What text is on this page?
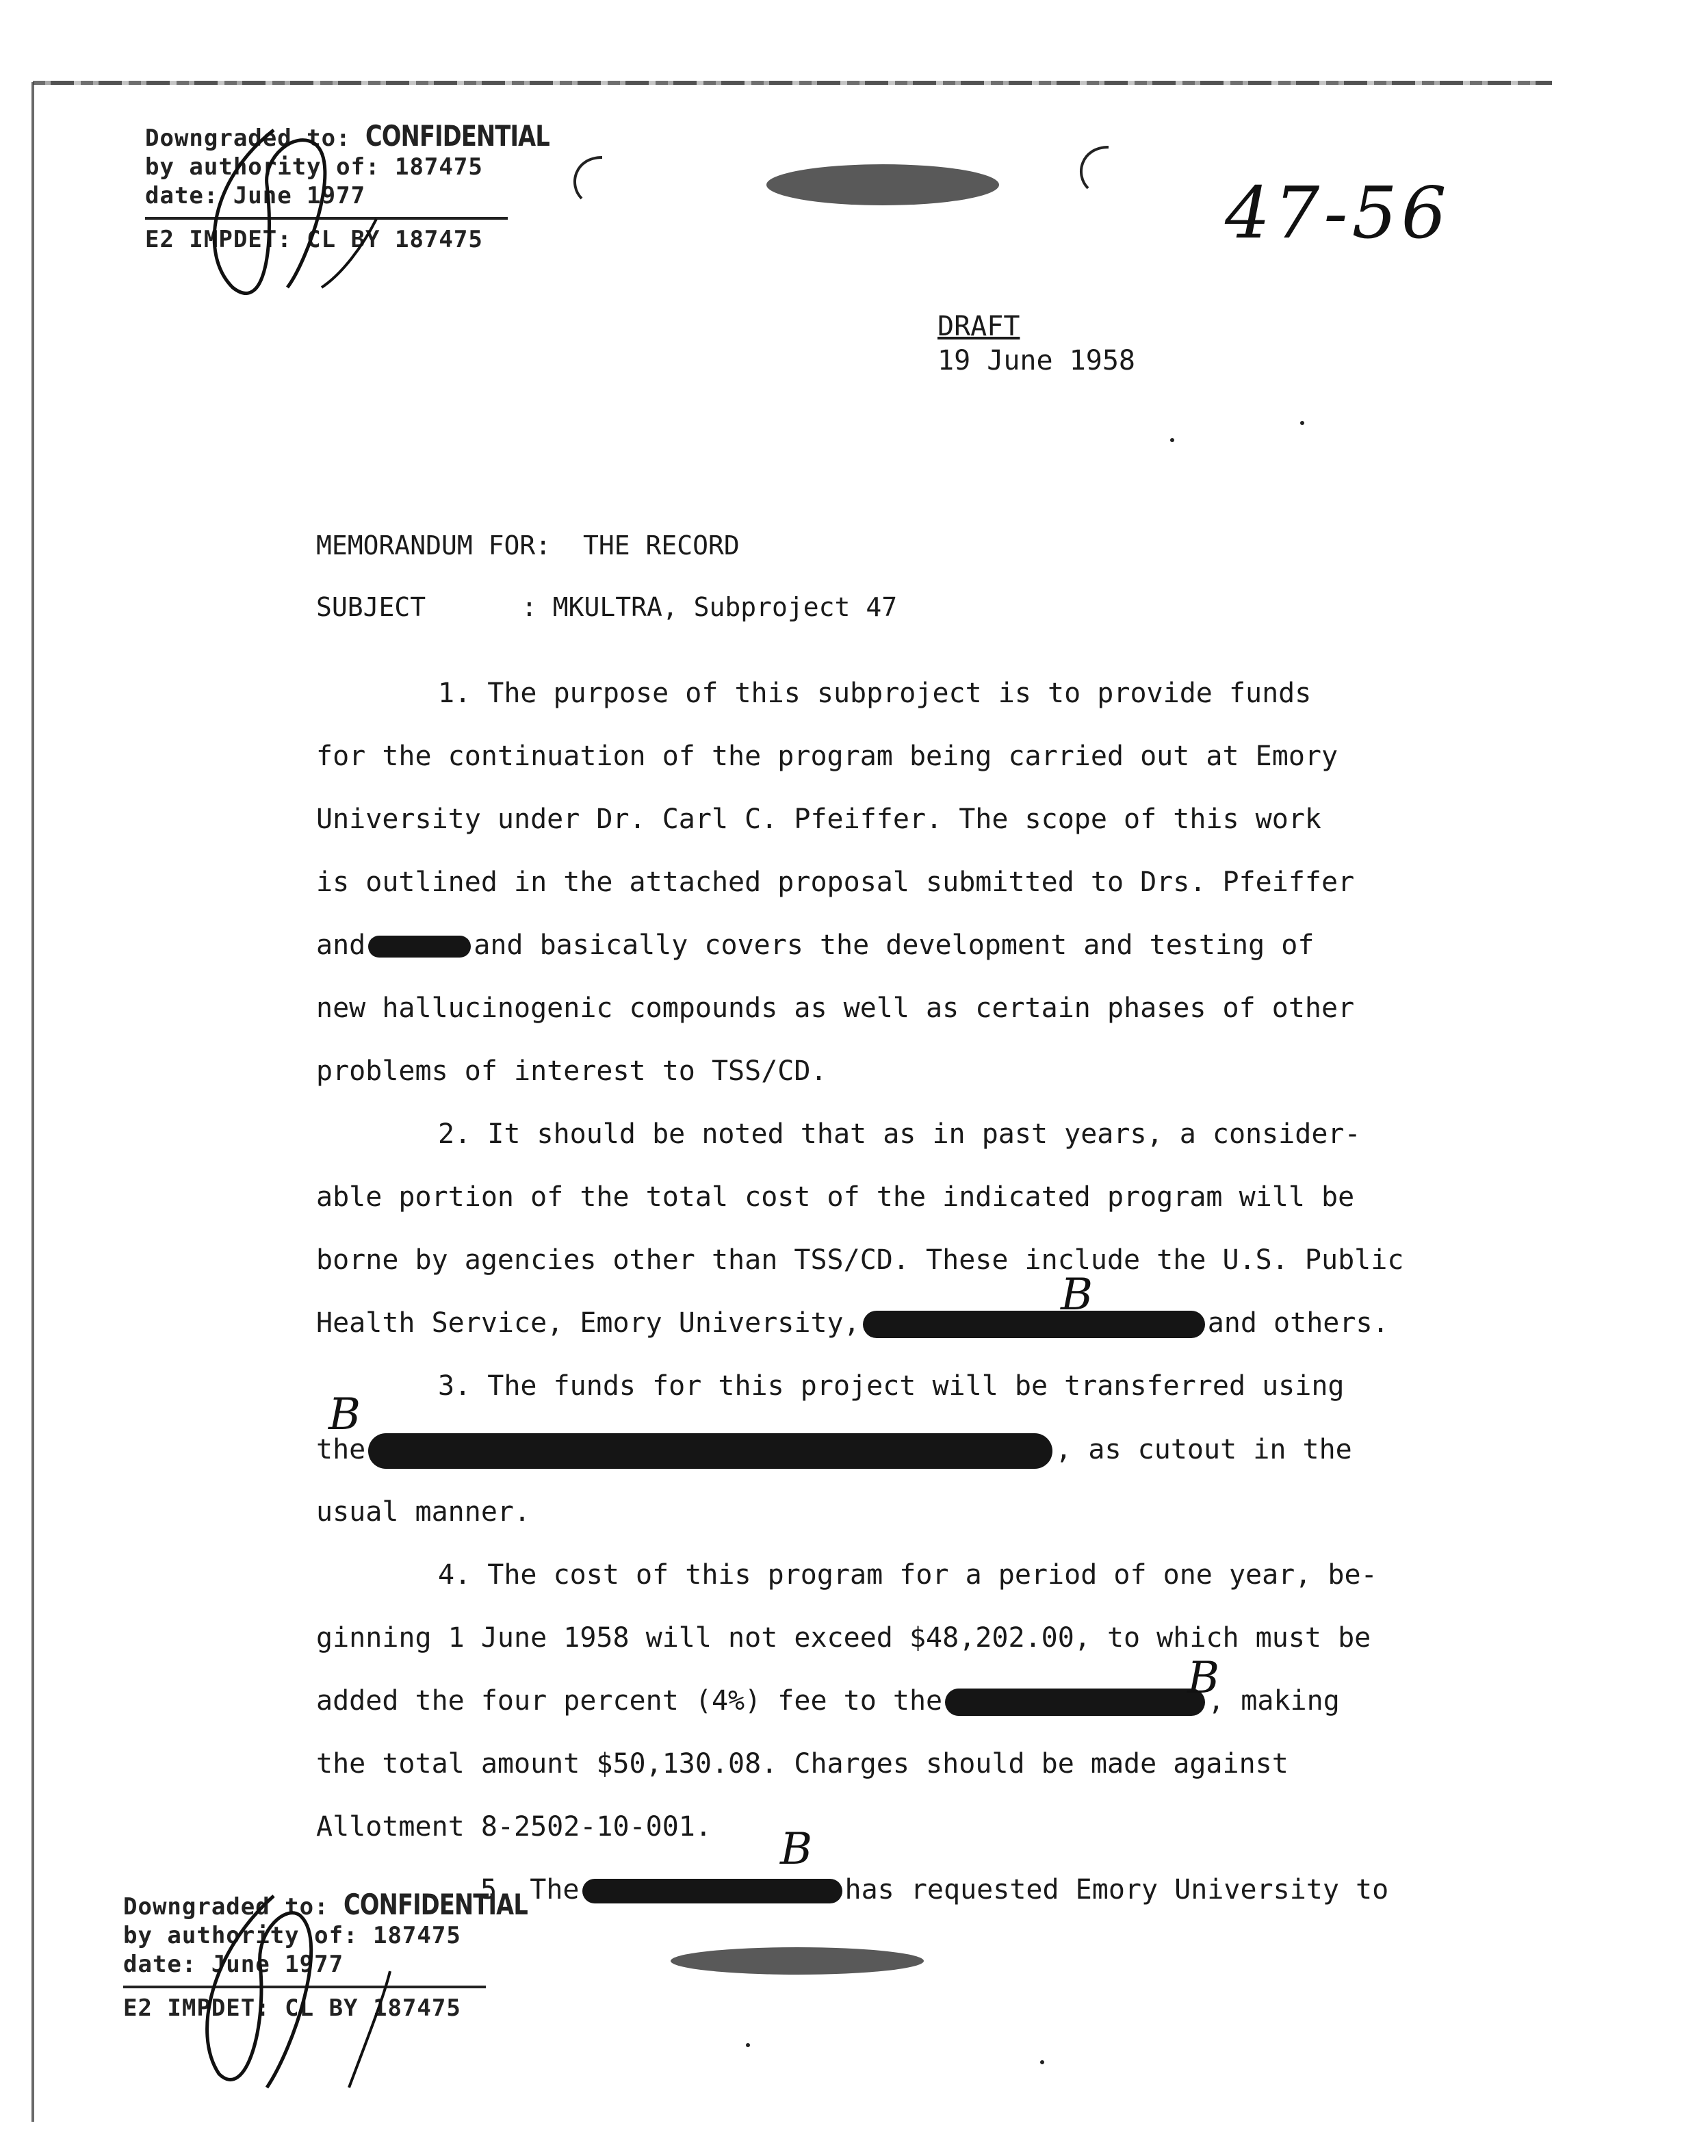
Downgraded to: CONFIDENTIAL
by authority of: 187475
date: June 1977
E2 IMPDET: CL BY 187475	47-56
DRAFT
19 June 1958
MEMORANDUM FOR: THE RECORD
SUBJECT	: MKULTRA, Subproject 47
1. The purpose of this subproject is to provide funds
for the continuation of the program being carried out at Emory
University under Dr. Carl C. Pfeiffer. The scope of this work
is outlined in the attached proposal submitted to Drs. Pfeiffer
and	and basically covers the development and testing of
new hallucinogenic compounds as well as certain phases of other
problems of interest to TSS/CD.
2. It should be noted that as in past years, a consider-
able portion of the total cost of the indicated program will be
borne by agencies other than TSS/CD. These include the U.S. Public
Health Service, Emory University,	and others.
3. The funds for this project will be transferred using
the	, as cutout in the
usual manner.
4. The cost of this program for a period of one year, be-
ginning 1 June 1958 will not exceed $48,202.00, to which must be
added the four percent (4%) fee to the	, making
the total amount $50,130.08. Charges should be made against
Allotment 8-2502-10-001.
5. The	has requested Emory University to
B
B
B
B
Downgraded to: CONFIDENTIAL
by authority of: 187475
date: June 1977
E2 IMPDET: CL BY 187475
